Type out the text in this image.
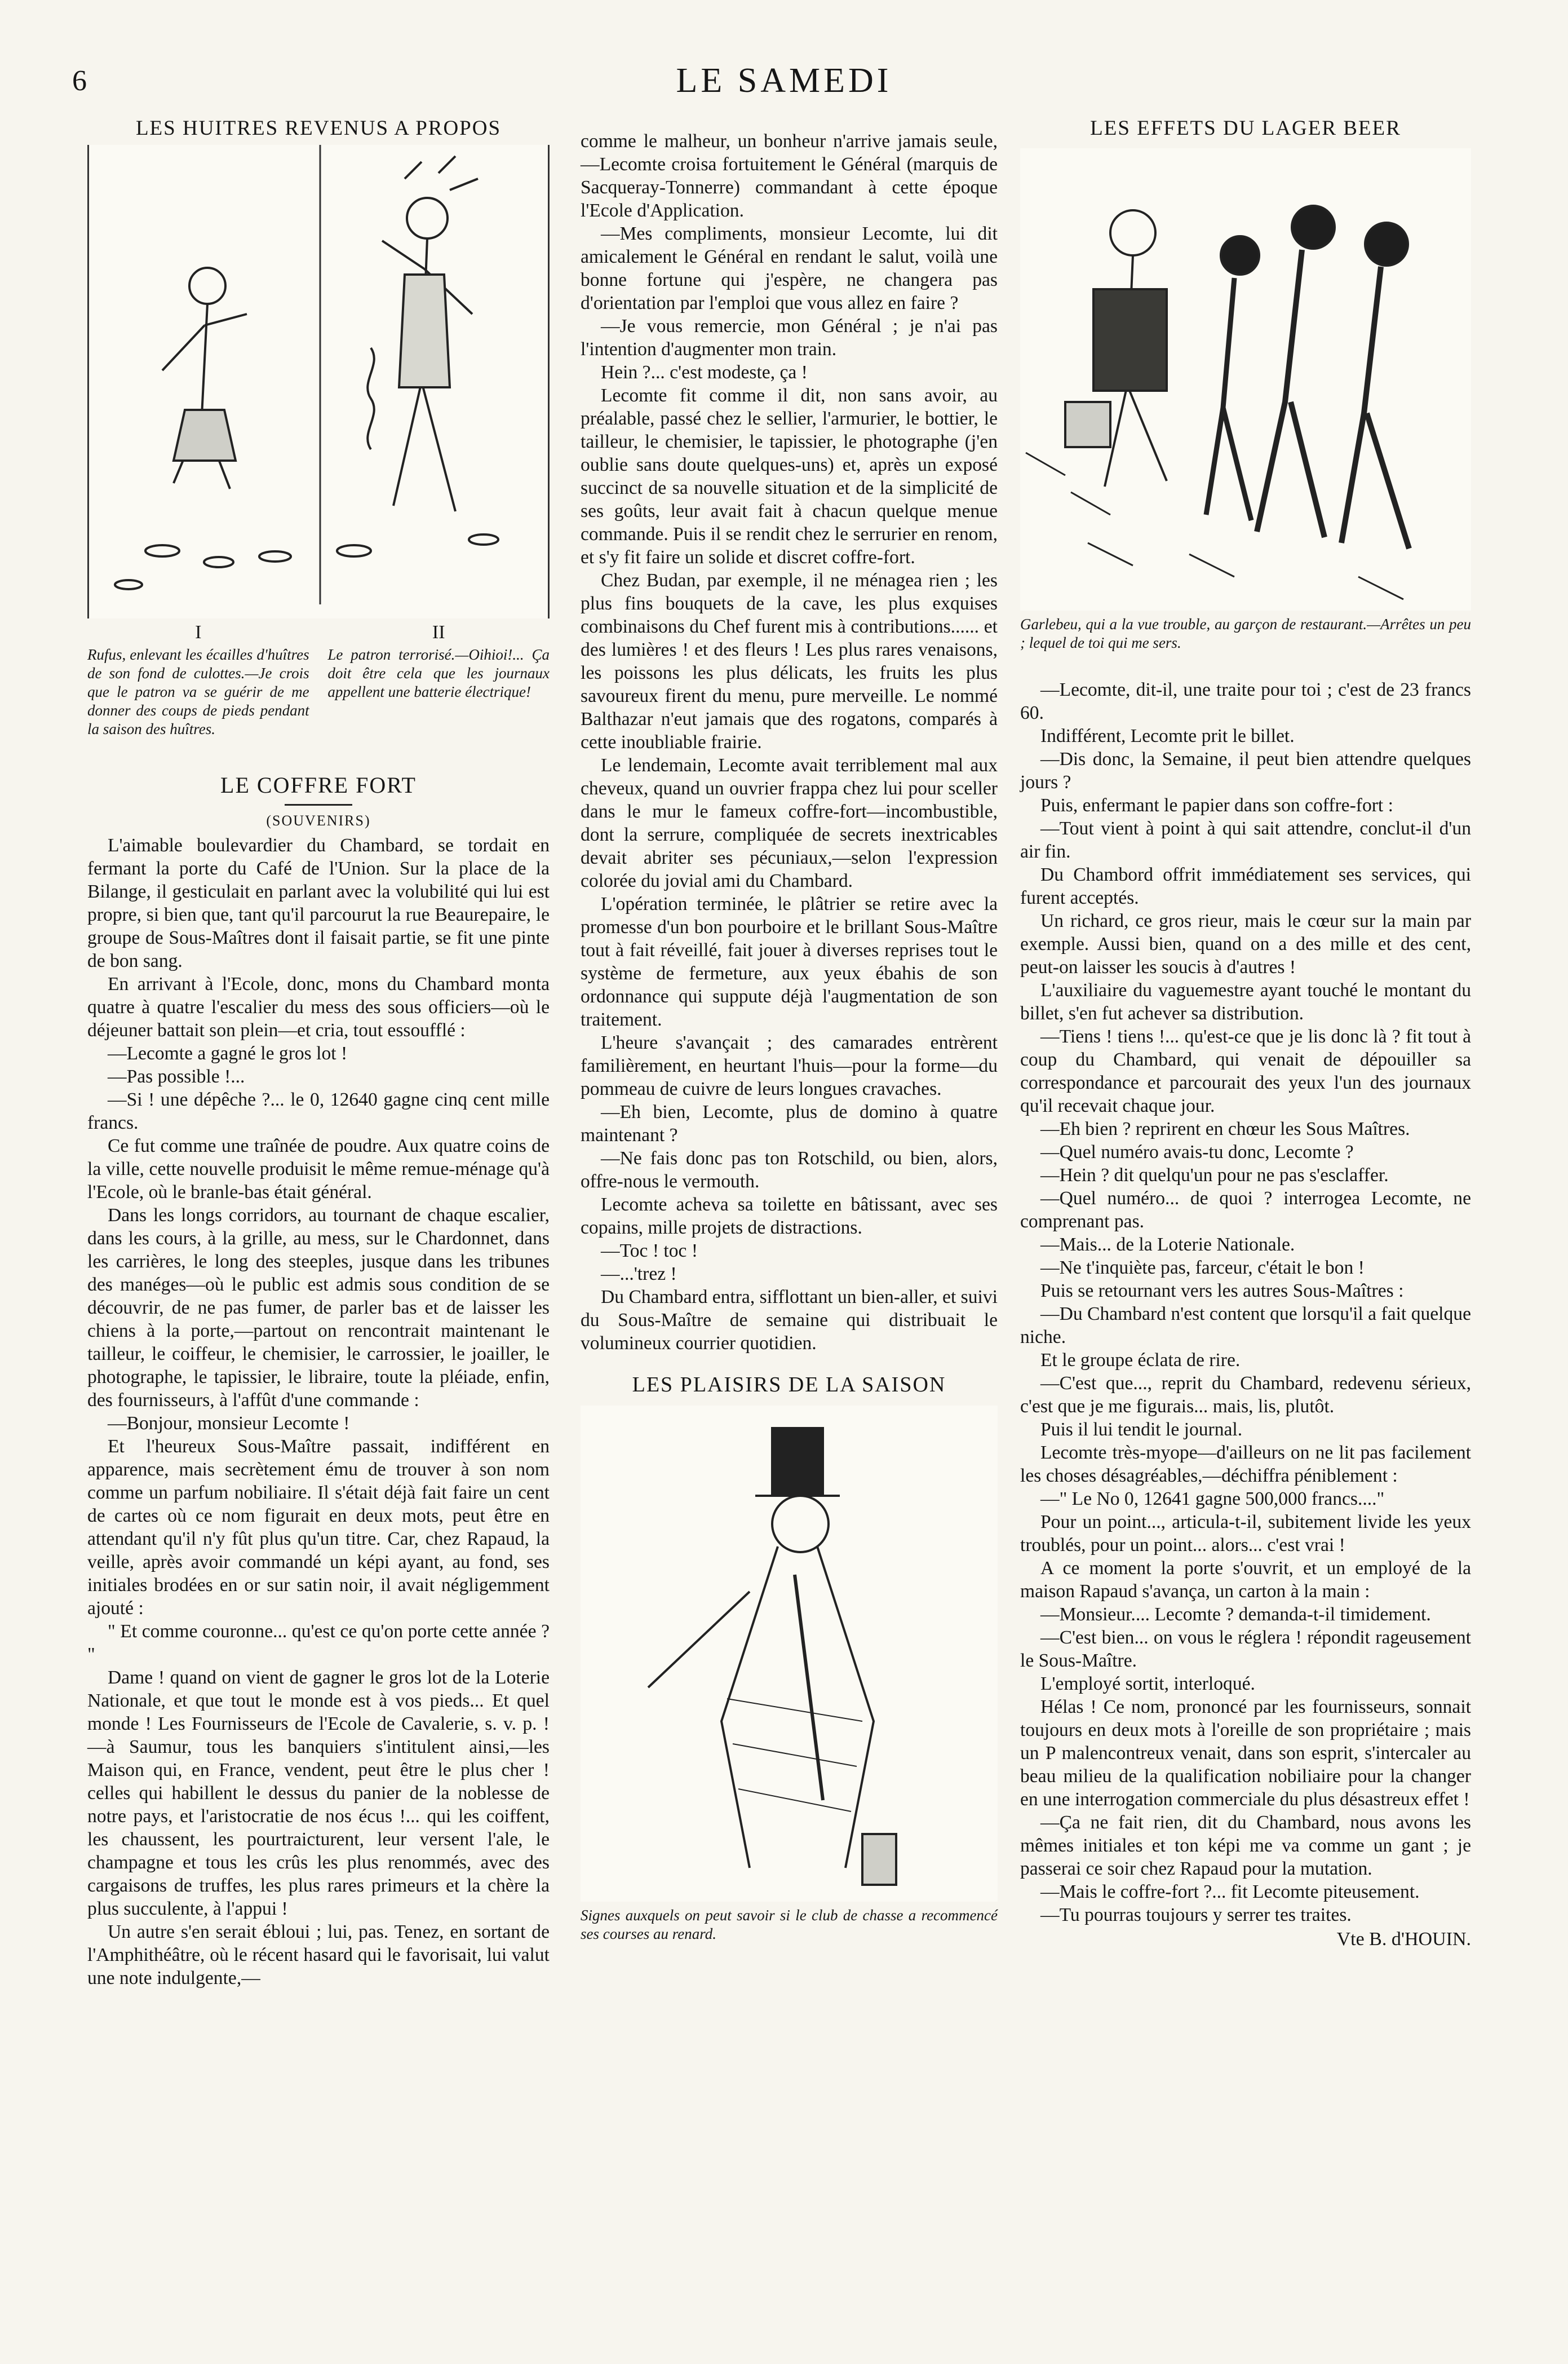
6	LE SAMEDI
LES HUITRES REVENUS A PROPOS
I

Rufus, enlevant les écailles d'huîtres de son fond de culottes.—Je crois que le patron va se guérir de me donner des coups de pieds pendant la saison des huîtres.

II

Le patron terrorisé.—Oihioi!... Ça doit être cela que les journaux appellent une batterie électrique!

LE COFFRE FORT
(SOUVENIRS)

L'aimable boulevardier du Chambard, se tordait en fermant la porte du Café de l'Union. Sur la place de la Bilange, il gesticulait en parlant avec la volubilité qui lui est propre, si bien que, tant qu'il parcourut la rue Beaurepaire, le groupe de Sous-Maîtres dont il faisait partie, se fit une pinte de bon sang.

En arrivant à l'Ecole, donc, mons du Chambard monta quatre à quatre l'escalier du mess des sous officiers—où le déjeuner battait son plein—et cria, tout essoufflé :

—Lecomte a gagné le gros lot !

—Pas possible !...

—Si ! une dépêche ?... le 0, 12640 gagne cinq cent mille francs.

Ce fut comme une traînée de poudre. Aux quatre coins de la ville, cette nouvelle produisit le même remue-ménage qu'à l'Ecole, où le branle-bas était général.

Dans les longs corridors, au tournant de chaque escalier, dans les cours, à la grille, au mess, sur le Chardonnet, dans les carrières, le long des steeples, jusque dans les tribunes des manéges—où le public est admis sous condition de se découvrir, de ne pas fumer, de parler bas et de laisser les chiens à la porte,—partout on rencontrait maintenant le tailleur, le coiffeur, le chemisier, le carrossier, le joailler, le photographe, le tapissier, le libraire, toute la pléiade, enfin, des fournisseurs, à l'affût d'une commande :

—Bonjour, monsieur Lecomte !

Et l'heureux Sous-Maître passait, indifférent en apparence, mais secrètement ému de trouver à son nom comme un parfum nobiliaire. Il s'était déjà fait faire un cent de cartes où ce nom figurait en deux mots, peut être en attendant qu'il n'y fût plus qu'un titre. Car, chez Rapaud, la veille, après avoir commandé un képi ayant, au fond, ses initiales brodées en or sur satin noir, il avait négligemment ajouté :

" Et comme couronne... qu'est ce qu'on porte cette année ? "

Dame ! quand on vient de gagner le gros lot de la Loterie Nationale, et que tout le monde est à vos pieds... Et quel monde ! Les Fournisseurs de l'Ecole de Cavalerie, s. v. p. !—à Saumur, tous les banquiers s'intitulent ainsi,—les Maison qui, en France, vendent, peut être le plus cher ! celles qui habillent le dessus du panier de la noblesse de notre pays, et l'aristocratie de nos écus !... qui les coiffent, les chaussent, les pourtraicturent, leur versent l'ale, le champagne et tous les crûs les plus renommés, avec des cargaisons de truffes, les plus rares primeurs et la chère la plus succulente, à l'appui !

Un autre s'en serait ébloui ; lui, pas. Tenez, en sortant de l'Amphithéâtre, où le récent hasard qui le favorisait, lui valut une note indulgente,—

comme le malheur, un bonheur n'arrive jamais seule,—Lecomte croisa fortuitement le Général (marquis de Sacqueray-Tonnerre) commandant à cette époque l'Ecole d'Application.

—Mes compliments, monsieur Lecomte, lui dit amicalement le Général en rendant le salut, voilà une bonne fortune qui j'espère, ne changera pas d'orientation par l'emploi que vous allez en faire ?

—Je vous remercie, mon Général ; je n'ai pas l'intention d'augmenter mon train.

Hein ?... c'est modeste, ça !

Lecomte fit comme il dit, non sans avoir, au préalable, passé chez le sellier, l'armurier, le bottier, le tailleur, le chemisier, le tapissier, le photographe (j'en oublie sans doute quelques-uns) et, après un exposé succinct de sa nouvelle situation et de la simplicité de ses goûts, leur avait fait à chacun quelque menue commande. Puis il se rendit chez le serrurier en renom, et s'y fit faire un solide et discret coffre-fort.

Chez Budan, par exemple, il ne ménagea rien ; les plus fins bouquets de la cave, les plus exquises combinaisons du Chef furent mis à contributions...... et des lumières ! et des fleurs ! Les plus rares venaisons, les poissons les plus délicats, les fruits les plus savoureux firent du menu, pure merveille. Le nommé Balthazar n'eut jamais que des rogatons, comparés à cette inoubliable frairie.

Le lendemain, Lecomte avait terriblement mal aux cheveux, quand un ouvrier frappa chez lui pour sceller dans le mur le fameux coffre-fort—incombustible, dont la serrure, compliquée de secrets inextricables devait abriter ses pécuniaux,—selon l'expression colorée du jovial ami du Chambard.

L'opération terminée, le plâtrier se retire avec la promesse d'un bon pourboire et le brillant Sous-Maître tout à fait réveillé, fait jouer à diverses reprises tout le système de fermeture, aux yeux ébahis de son ordonnance qui suppute déjà l'augmentation de son traitement.

L'heure s'avançait ; des camarades entrèrent familièrement, en heurtant l'huis—pour la forme—du pommeau de cuivre de leurs longues cravaches.

—Eh bien, Lecomte, plus de domino à quatre maintenant ?

—Ne fais donc pas ton Rotschild, ou bien, alors, offre-nous le vermouth.

Lecomte acheva sa toilette en bâtissant, avec ses copains, mille projets de distractions.

—Toc ! toc !

—...'trez !

Du Chambard entra, sifflottant un bien-aller, et suivi du Sous-Maître de semaine qui distribuait le volumineux courrier quotidien.

LES PLAISIRS DE LA SAISON

Signes auxquels on peut savoir si le club de chasse a recommencé ses courses au renard.

LES EFFETS DU LAGER BEER

Garlebeu, qui a la vue trouble, au garçon de restaurant.—Arrêtes un peu ; lequel de toi qui me sers.

—Lecomte, dit-il, une traite pour toi ; c'est de 23 francs 60.

Indifférent, Lecomte prit le billet.

—Dis donc, la Semaine, il peut bien attendre quelques jours ?

Puis, enfermant le papier dans son coffre-fort :

—Tout vient à point à qui sait attendre, conclut-il d'un air fin.

Du Chambord offrit immédiatement ses services, qui furent acceptés.

Un richard, ce gros rieur, mais le cœur sur la main par exemple. Aussi bien, quand on a des mille et des cent, peut-on laisser les soucis à d'autres !

L'auxiliaire du vaguemestre ayant touché le montant du billet, s'en fut achever sa distribution.

—Tiens ! tiens !... qu'est-ce que je lis donc là ? fit tout à coup du Chambard, qui venait de dépouiller sa correspondance et parcourait des yeux l'un des journaux qu'il recevait chaque jour.

—Eh bien ? reprirent en chœur les Sous Maîtres.

—Quel numéro avais-tu donc, Lecomte ?

—Hein ? dit quelqu'un pour ne pas s'esclaffer.

—Quel numéro... de quoi ? interrogea Lecomte, ne comprenant pas.

—Mais... de la Loterie Nationale.

—Ne t'inquiète pas, farceur, c'était le bon !

Puis se retournant vers les autres Sous-Maîtres :

—Du Chambard n'est content que lorsqu'il a fait quelque niche.

Et le groupe éclata de rire.

—C'est que..., reprit du Chambard, redevenu sérieux, c'est que je me figurais... mais, lis, plutôt.

Puis il lui tendit le journal.

Lecomte très-myope—d'ailleurs on ne lit pas facilement les choses désagréables,—déchiffra péniblement :

—" Le No 0, 12641 gagne 500,000 francs...."

Pour un point..., articula-t-il, subitement livide les yeux troublés, pour un point... alors... c'est vrai !

A ce moment la porte s'ouvrit, et un employé de la maison Rapaud s'avança, un carton à la main :

—Monsieur.... Lecomte ? demanda-t-il timidement.

—C'est bien... on vous le réglera ! répondit rageusement le Sous-Maître.

L'employé sortit, interloqué.

Hélas ! Ce nom, prononcé par les fournisseurs, sonnait toujours en deux mots à l'oreille de son propriétaire ; mais un P malencontreux venait, dans son esprit, s'intercaler au beau milieu de la qualification nobiliaire pour la changer en une interrogation commerciale du plus désastreux effet !

—Ça ne fait rien, dit du Chambard, nous avons les mêmes initiales et ton képi me va comme un gant ; je passerai ce soir chez Rapaud pour la mutation.

—Mais le coffre-fort ?... fit Lecomte piteusement.

—Tu pourras toujours y serrer tes traites.

Vte B. d'HOUIN.
